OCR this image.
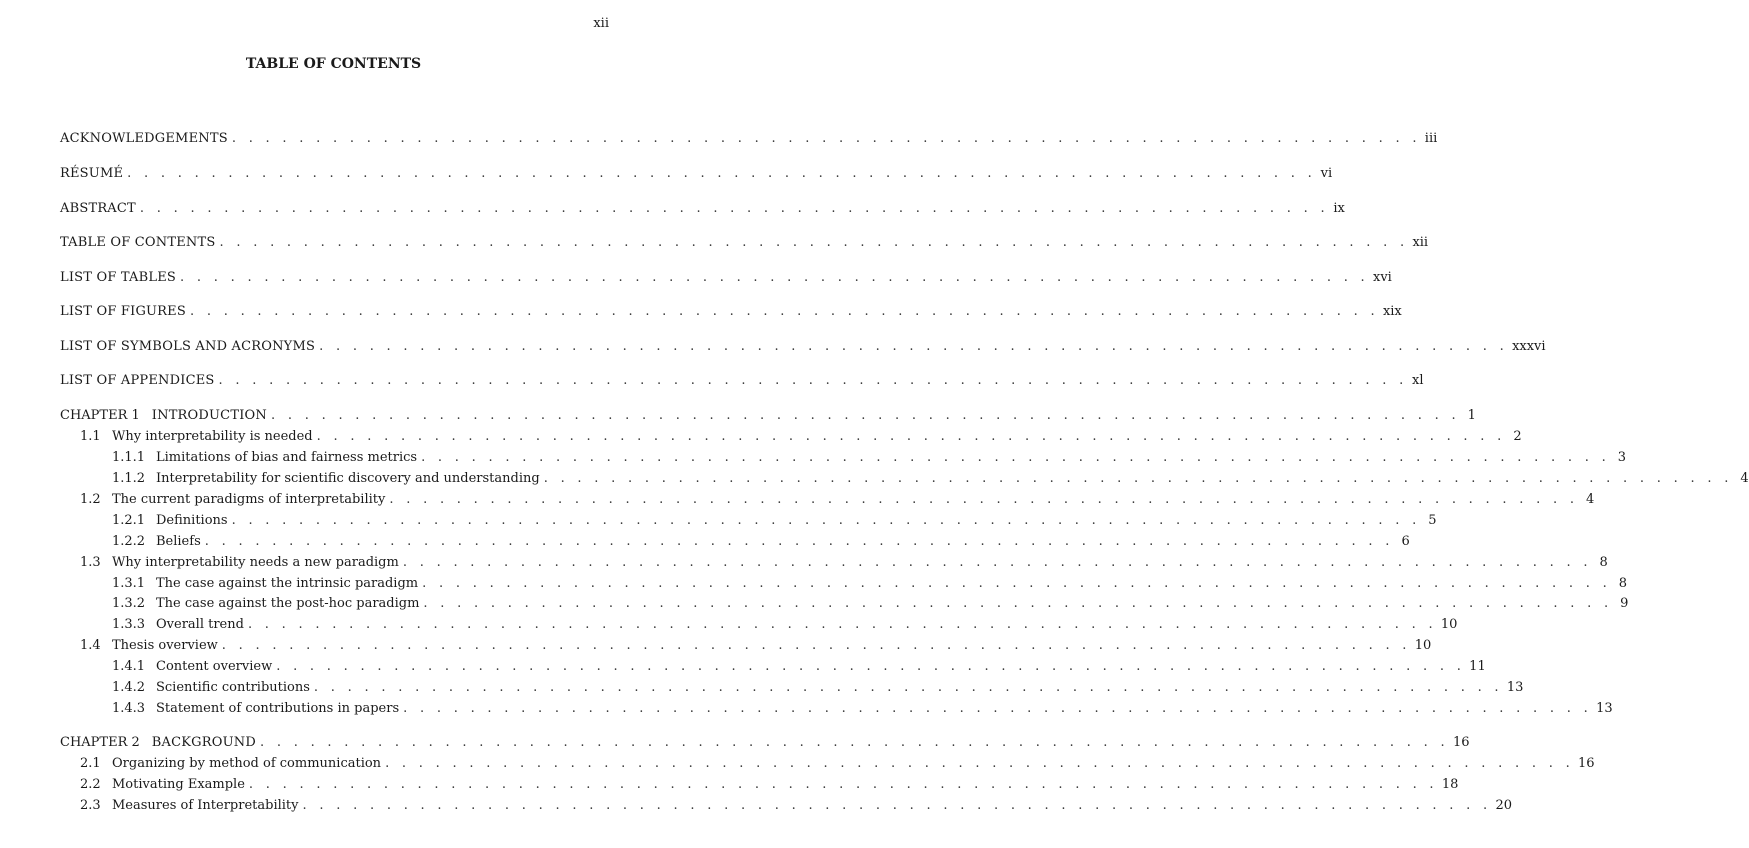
xii
TABLE OF CONTENTS
ACKNOWLEDGEMENTS . . . . . . . . . . . . . . . . . . . . . . . . . . . . . . . . . . . . . . . . . . . . . . . . . . . . . . . . . . . . . . . . . . . . . . . iii
RÉSUMÉ . . . . . . . . . . . . . . . . . . . . . . . . . . . . . . . . . . . . . . . . . . . . . . . . . . . . . . . . . . . . . . . . . . . . . . . vi
ABSTRACT . . . . . . . . . . . . . . . . . . . . . . . . . . . . . . . . . . . . . . . . . . . . . . . . . . . . . . . . . . . . . . . . . . . . . . . ix
TABLE OF CONTENTS . . . . . . . . . . . . . . . . . . . . . . . . . . . . . . . . . . . . . . . . . . . . . . . . . . . . . . . . . . . . . . . . . . . . . . . xii
LIST OF TABLES . . . . . . . . . . . . . . . . . . . . . . . . . . . . . . . . . . . . . . . . . . . . . . . . . . . . . . . . . . . . . . . . . . . . . . . xvi
LIST OF FIGURES . . . . . . . . . . . . . . . . . . . . . . . . . . . . . . . . . . . . . . . . . . . . . . . . . . . . . . . . . . . . . . . . . . . . . . . xix
LIST OF SYMBOLS AND ACRONYMS . . . . . . . . . . . . . . . . . . . . . . . . . . . . . . . . . . . . . . . . . . . . . . . . . . . . . . . . . . . . . . . . . . . . . . . xxxvi
LIST OF APPENDICES . . . . . . . . . . . . . . . . . . . . . . . . . . . . . . . . . . . . . . . . . . . . . . . . . . . . . . . . . . . . . . . . . . . . . . . xl
CHAPTER 1 INTRODUCTION . . . . . . . . . . . . . . . . . . . . . . . . . . . . . . . . . . . . . . . . . . . . . . . . . . . . . . . . . . . . . . . . . . . . . . . 1
1.1 Why interpretability is needed . . . . . . . . . . . . . . . . . . . . . . . . . . . . . . . . . . . . . . . . . . . . . . . . . . . . . . . . . . . . . . . . . . . . . . . 2
1.1.1 Limitations of bias and fairness metrics . . . . . . . . . . . . . . . . . . . . . . . . . . . . . . . . . . . . . . . . . . . . . . . . . . . . . . . . . . . . . . . . . . . . . . . 3
1.1.2 Interpretability for scientific discovery and understanding . . . . . . . . . . . . . . . . . . . . . . . . . . . . . . . . . . . . . . . . . . . . . . . . . . . . . . . . . . . . . . . . . . . . . . . 4
1.2 The current paradigms of interpretability . . . . . . . . . . . . . . . . . . . . . . . . . . . . . . . . . . . . . . . . . . . . . . . . . . . . . . . . . . . . . . . . . . . . . . . 4
1.2.1 Definitions . . . . . . . . . . . . . . . . . . . . . . . . . . . . . . . . . . . . . . . . . . . . . . . . . . . . . . . . . . . . . . . . . . . . . . . 5
1.2.2 Beliefs . . . . . . . . . . . . . . . . . . . . . . . . . . . . . . . . . . . . . . . . . . . . . . . . . . . . . . . . . . . . . . . . . . . . . . . 6
1.3 Why interpretability needs a new paradigm . . . . . . . . . . . . . . . . . . . . . . . . . . . . . . . . . . . . . . . . . . . . . . . . . . . . . . . . . . . . . . . . . . . . . . . 8
1.3.1 The case against the intrinsic paradigm . . . . . . . . . . . . . . . . . . . . . . . . . . . . . . . . . . . . . . . . . . . . . . . . . . . . . . . . . . . . . . . . . . . . . . . 8
1.3.2 The case against the post-hoc paradigm . . . . . . . . . . . . . . . . . . . . . . . . . . . . . . . . . . . . . . . . . . . . . . . . . . . . . . . . . . . . . . . . . . . . . . . 9
1.3.3 Overall trend . . . . . . . . . . . . . . . . . . . . . . . . . . . . . . . . . . . . . . . . . . . . . . . . . . . . . . . . . . . . . . . . . . . . . . . 10
1.4 Thesis overview . . . . . . . . . . . . . . . . . . . . . . . . . . . . . . . . . . . . . . . . . . . . . . . . . . . . . . . . . . . . . . . . . . . . . . . 10
1.4.1 Content overview . . . . . . . . . . . . . . . . . . . . . . . . . . . . . . . . . . . . . . . . . . . . . . . . . . . . . . . . . . . . . . . . . . . . . . . 11
1.4.2 Scientific contributions . . . . . . . . . . . . . . . . . . . . . . . . . . . . . . . . . . . . . . . . . . . . . . . . . . . . . . . . . . . . . . . . . . . . . . . 13
1.4.3 Statement of contributions in papers . . . . . . . . . . . . . . . . . . . . . . . . . . . . . . . . . . . . . . . . . . . . . . . . . . . . . . . . . . . . . . . . . . . . . . . 13
CHAPTER 2 BACKGROUND . . . . . . . . . . . . . . . . . . . . . . . . . . . . . . . . . . . . . . . . . . . . . . . . . . . . . . . . . . . . . . . . . . . . . . . 16
2.1 Organizing by method of communication . . . . . . . . . . . . . . . . . . . . . . . . . . . . . . . . . . . . . . . . . . . . . . . . . . . . . . . . . . . . . . . . . . . . . . . 16
2.2 Motivating Example . . . . . . . . . . . . . . . . . . . . . . . . . . . . . . . . . . . . . . . . . . . . . . . . . . . . . . . . . . . . . . . . . . . . . . . 18
2.3 Measures of Interpretability . . . . . . . . . . . . . . . . . . . . . . . . . . . . . . . . . . . . . . . . . . . . . . . . . . . . . . . . . . . . . . . . . . . . . . . 20
